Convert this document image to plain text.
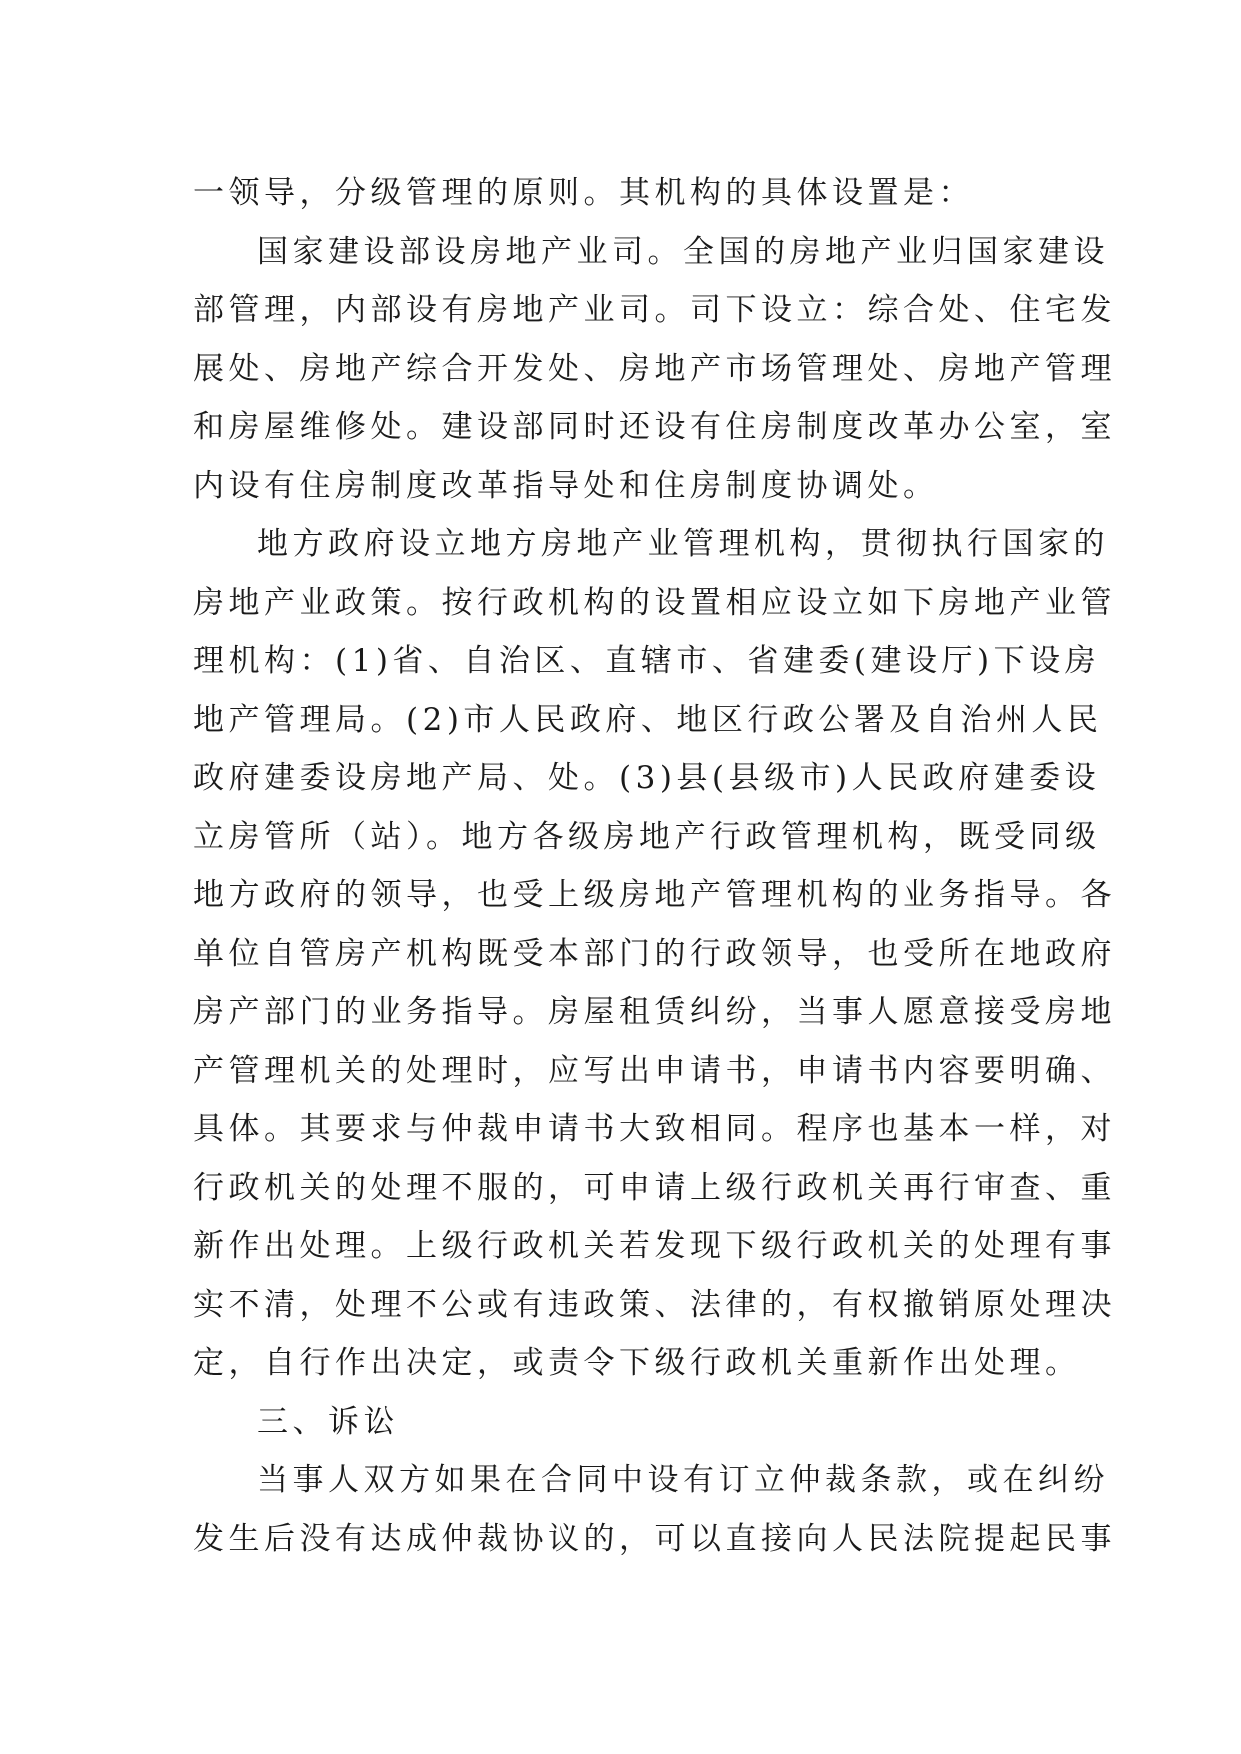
一领导，分级管理的原则。其机构的具体设置是：
国家建设部设房地产业司。全国的房地产业归国家建设
部管理，内部设有房地产业司。司下设立：综合处、住宅发
展处、房地产综合开发处、房地产市场管理处、房地产管理
和房屋维修处。建设部同时还设有住房制度改革办公室，室
内设有住房制度改革指导处和住房制度协调处。
地方政府设立地方房地产业管理机构，贯彻执行国家的
房地产业政策。按行政机构的设置相应设立如下房地产业管
理机构：(1)省、自治区、直辖市、省建委(建设厅)下设房
地产管理局。(2)市人民政府、地区行政公署及自治州人民
政府建委设房地产局、处。(3)县(县级市)人民政府建委设
立房管所（站）。地方各级房地产行政管理机构，既受同级
地方政府的领导，也受上级房地产管理机构的业务指导。各
单位自管房产机构既受本部门的行政领导，也受所在地政府
房产部门的业务指导。房屋租赁纠纷，当事人愿意接受房地
产管理机关的处理时，应写出申请书，申请书内容要明确、
具体。其要求与仲裁申请书大致相同。程序也基本一样，对
行政机关的处理不服的，可申请上级行政机关再行审查、重
新作出处理。上级行政机关若发现下级行政机关的处理有事
实不清，处理不公或有违政策、法律的，有权撤销原处理决
定，自行作出决定，或责令下级行政机关重新作出处理。
三、诉讼
当事人双方如果在合同中设有订立仲裁条款，或在纠纷
发生后没有达成仲裁协议的，可以直接向人民法院提起民事
